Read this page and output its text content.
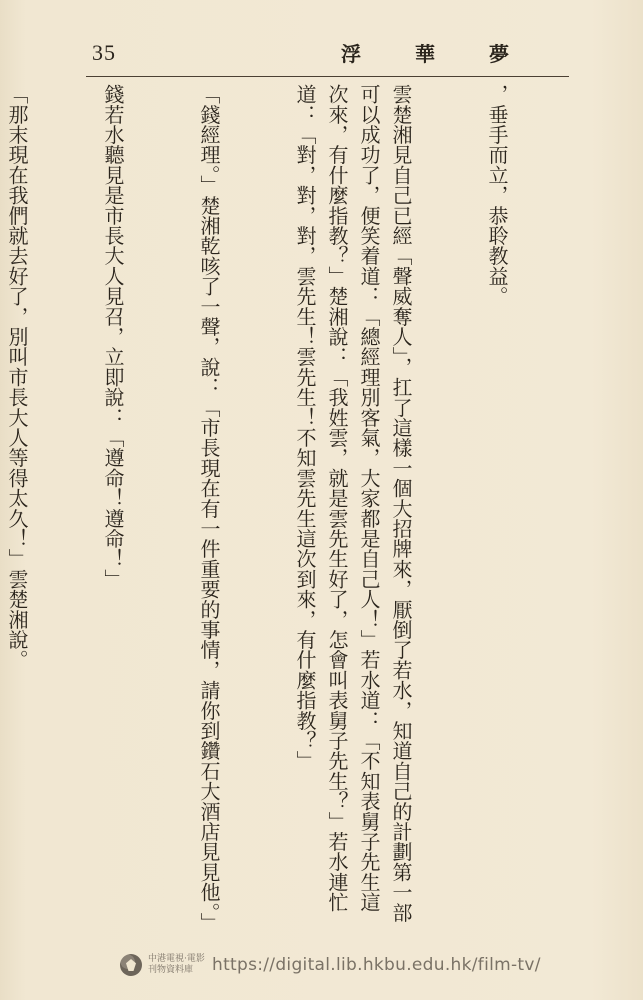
35	浮華夢

，垂手而立，恭聆教益。

雲楚湘見自己已經「聲威奪人」，扛了這樣一個大招牌來，厭倒了若水，知道自己的計劃第一部可以成功了，便笑着道：「總經理別客氣，大家都是自己人！」若水道：「不知表舅子先生這次來，有什麼指教？」楚湘說：「我姓雲，就是雲先生好了，怎會叫表舅子先生？」若水連忙道：「對，對，對，雲先生！雲先生！不知雲先生這次到來，有什麼指教？」

「錢經理。」楚湘乾咳了一聲，說：「市長現在有一件重要的事情，請你到鑽石大酒店見見他。」

錢若水聽見是市長大人見召，立即說：「遵命！遵命！」

「那末現在我們就去好了，別叫市長大人等得太久！」雲楚湘說。

中港電視·電影
刊物資料庫	https://digital.lib.hkbu.edu.hk/film-tv/
